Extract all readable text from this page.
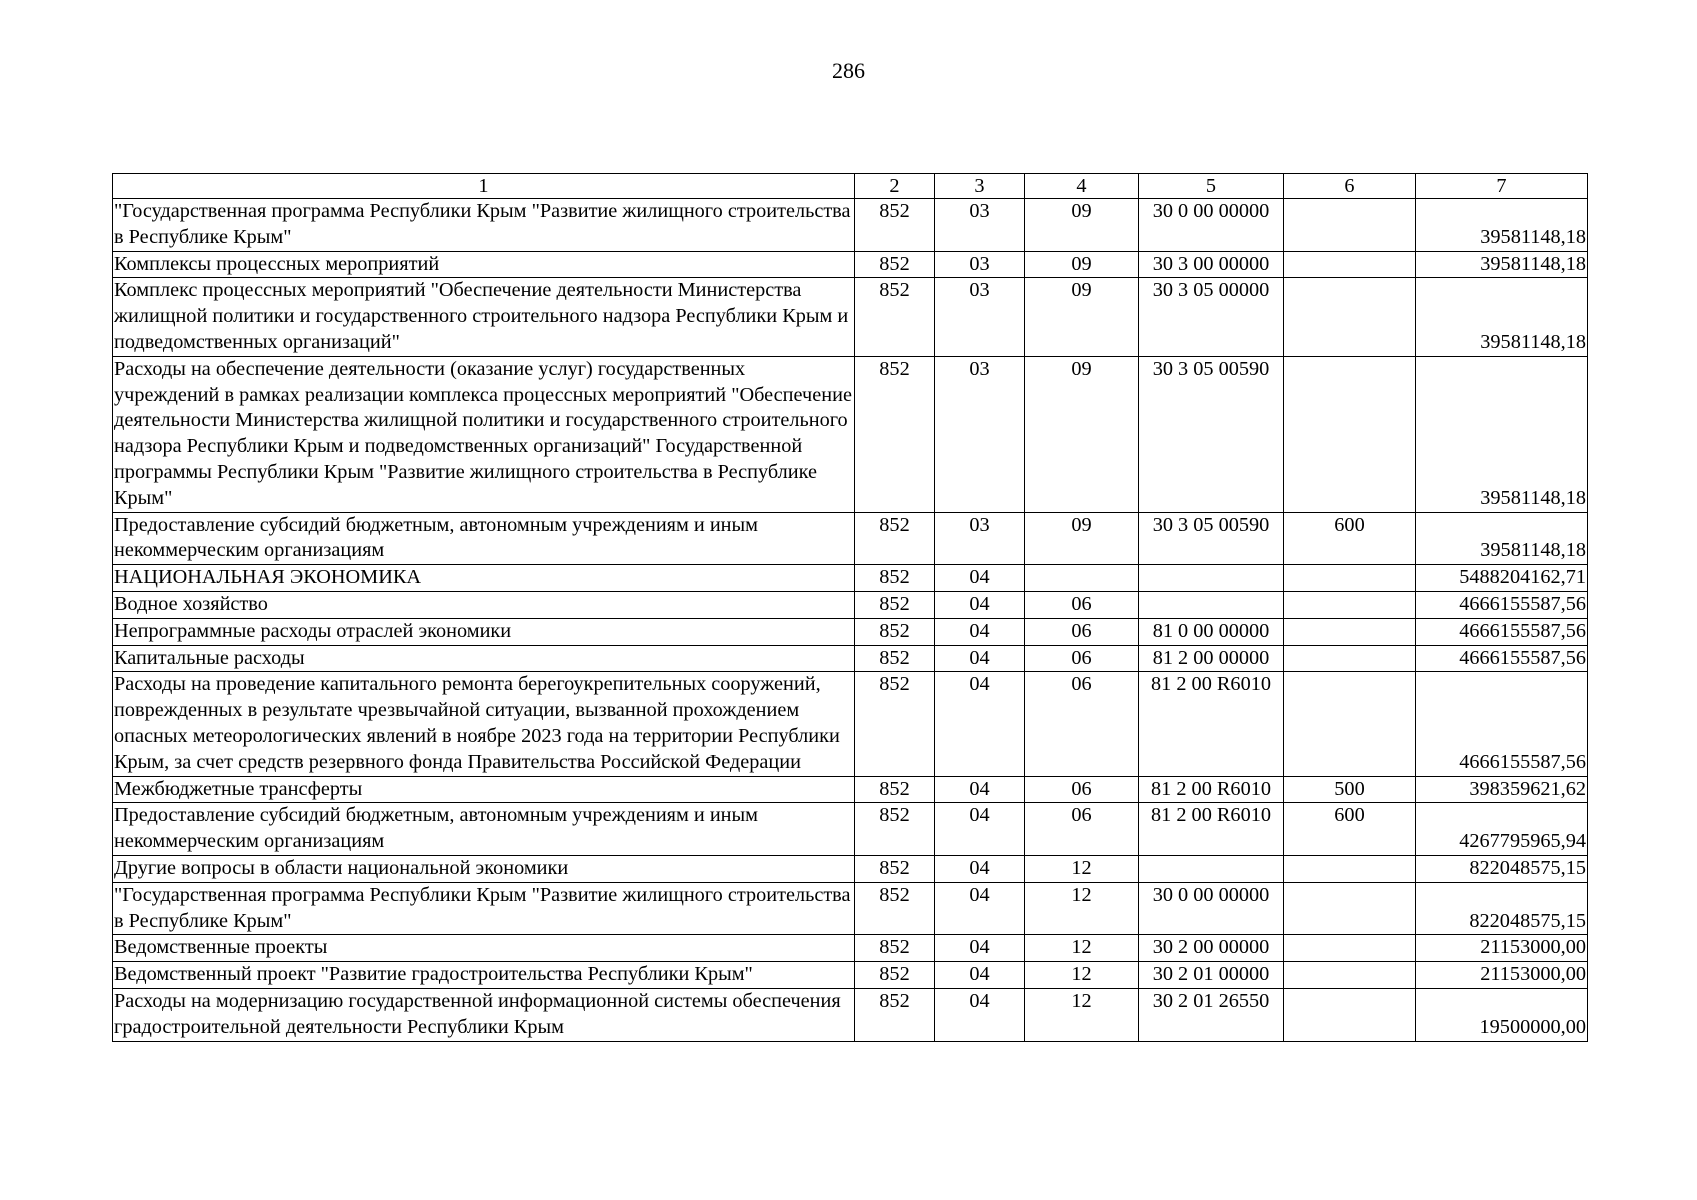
286
1	2	3	4	5	6	7
"Государственная программа Республики Крым "Развитие жилищного строительства в Республике Крым"	852	03	09	30 0 00 00000		39581148,18
Комплексы процессных мероприятий	852	03	09	30 3 00 00000		39581148,18
Комплекс процессных мероприятий "Обеспечение деятельности Министерства жилищной политики и государственного строительного надзора Республики Крым и подведомственных организаций"	852	03	09	30 3 05 00000		39581148,18
Расходы на обеспечение деятельности (оказание услуг) государственных учреждений в рамках реализации комплекса процессных мероприятий "Обеспечение деятельности Министерства жилищной политики и государственного строительного надзора Республики Крым и подведомственных организаций" Государственной программы Республики Крым "Развитие жилищного строительства в Республике Крым"	852	03	09	30 3 05 00590		39581148,18
Предоставление субсидий бюджетным, автономным учреждениям и иным некоммерческим организациям	852	03	09	30 3 05 00590	600	39581148,18
НАЦИОНАЛЬНАЯ ЭКОНОМИКА	852	04				5488204162,71
Водное хозяйство	852	04	06			4666155587,56
Непрограммные расходы отраслей экономики	852	04	06	81 0 00 00000		4666155587,56
Капитальные расходы	852	04	06	81 2 00 00000		4666155587,56
Расходы на проведение капитального ремонта берегоукрепительных сооружений, поврежденных в результате чрезвычайной ситуации, вызванной прохождением опасных метеорологических явлений в ноябре 2023 года на территории Республики Крым, за счет средств резервного фонда Правительства Российской Федерации	852	04	06	81 2 00 R6010		4666155587,56
Межбюджетные трансферты	852	04	06	81 2 00 R6010	500	398359621,62
Предоставление субсидий бюджетным, автономным учреждениям и иным некоммерческим организациям	852	04	06	81 2 00 R6010	600	4267795965,94
Другие вопросы в области национальной экономики	852	04	12			822048575,15
"Государственная программа Республики Крым "Развитие жилищного строительства в Республике Крым"	852	04	12	30 0 00 00000		822048575,15
Ведомственные проекты	852	04	12	30 2 00 00000		21153000,00
Ведомственный проект "Развитие градостроительства Республики Крым"	852	04	12	30 2 01 00000		21153000,00
Расходы на модернизацию государственной информационной системы обеспечения градостроительной деятельности Республики Крым	852	04	12	30 2 01 26550		19500000,00
